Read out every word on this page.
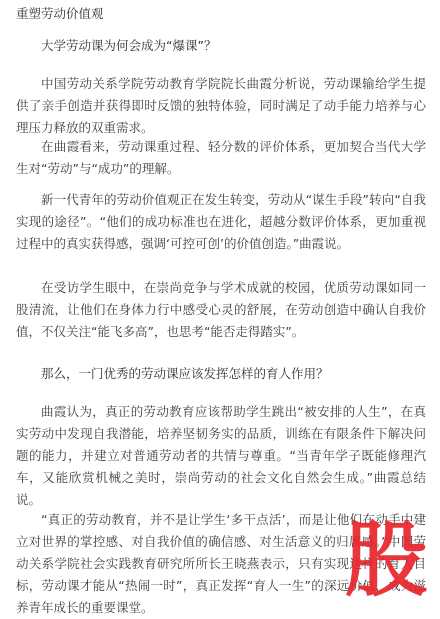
重塑劳动价值观

大学劳动课为何会成为“爆课”？

中国劳动关系学院劳动教育学院院长曲霞分析说，劳动课输给学生提供了亲手创造并获得即时反馈的独特体验，同时满足了动手能力培养与心理压力释放的双重需求。

在曲霞看来，劳动课重过程、轻分数的评价体系，更加契合当代大学生对“劳动”与“成功”的理解。

新一代青年的劳动价值观正在发生转变，劳动从“谋生手段”转向“自我实现的途径”。“他们的成功标准也在进化，超越分数评价体系，更加重视过程中的真实获得感，强调‘可控可创’的价值创造。”曲霞说。

在受访学生眼中，在崇尚竞争与学术成就的校园，优质劳动课如同一股清流，让他们在身体力行中感受心灵的舒展，在劳动创造中确认自我价值，不仅关注“能飞多高”，也思考“能否走得踏实”。

那么，一门优秀的劳动课应该发挥怎样的育人作用？

曲霞认为，真正的劳动教育应该帮助学生跳出“被安排的人生”，在真实劳动中发现自我潜能，培养坚韧务实的品质，训练在有限条件下解决问题的能力，并建立对普通劳动者的共情与尊重。“当青年学子既能修理汽车，又能欣赏机械之美时，崇尚劳动的社会文化自然会生成。”曲霞总结说。

“真正的劳动教育，并不是让学生‘多干点活’，而是让他们在动手中建立对世界的掌控感、对自我价值的确信感、对生活意义的归属感。”中国劳动关系学院社会实践教育研究所所长王晓燕表示，只有实现这样的育人目标，劳动课才能从“热闹一时”，真正发挥“育人一生”的深远价值，成为滋养青年成长的重要课堂。	股
